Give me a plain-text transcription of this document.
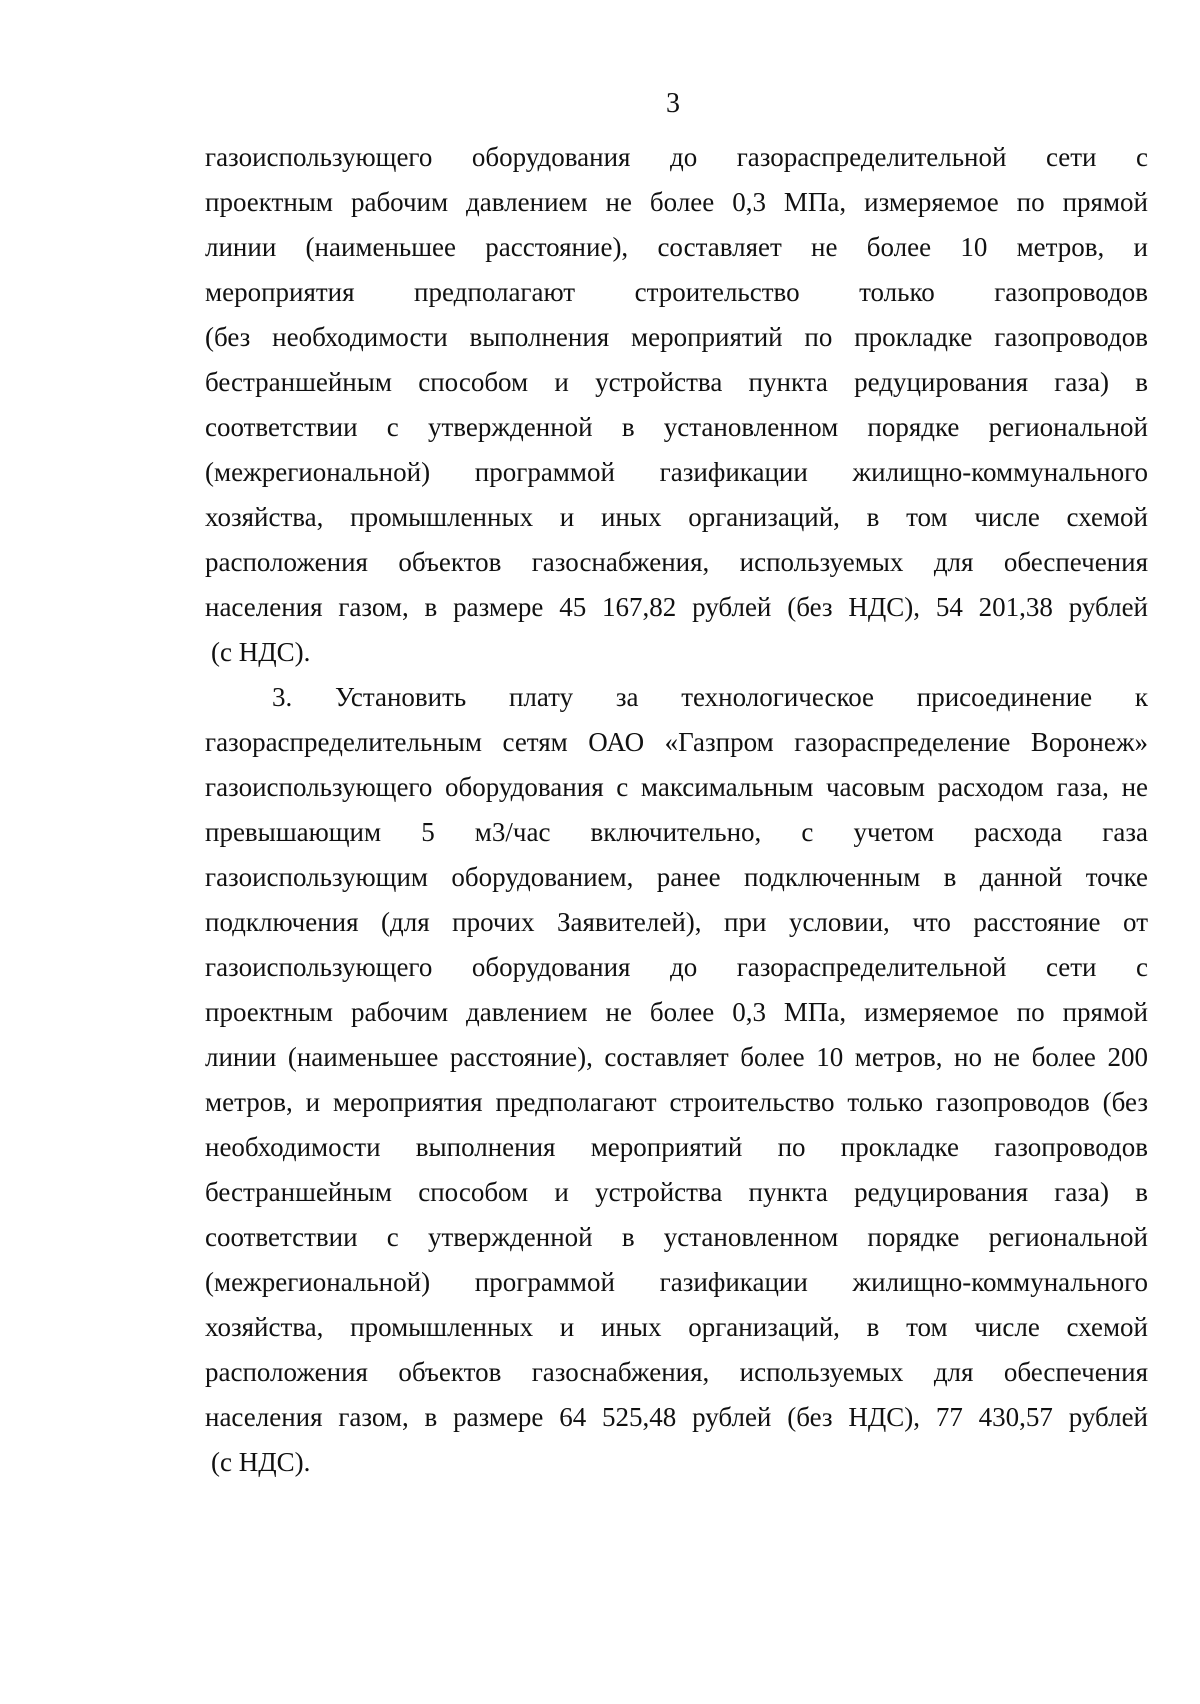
3
газоиспользующего оборудования до газораспределительной сети с
проектным рабочим давлением не более 0,3 МПа, измеряемое по прямой
линии (наименьшее расстояние), составляет не более 10 метров, и
мероприятия предполагают строительство только газопроводов
(без необходимости выполнения мероприятий по прокладке газопроводов
бестраншейным способом и устройства пункта редуцирования газа) в
соответствии с утвержденной в установленном порядке региональной
(межрегиональной) программой газификации жилищно-коммунального
хозяйства, промышленных и иных организаций, в том числе схемой
расположения объектов газоснабжения, используемых для обеспечения
населения газом, в размере 45 167,82 рублей (без НДС), 54 201,38 рублей
(с НДС).
3. Установить плату за технологическое присоединение к
газораспределительным сетям ОАО «Газпром газораспределение Воронеж»
газоиспользующего оборудования с максимальным часовым расходом газа, не
превышающим 5 м3/час включительно, с учетом расхода газа
газоиспользующим оборудованием, ранее подключенным в данной точке
подключения (для прочих Заявителей), при условии, что расстояние от
газоиспользующего оборудования до газораспределительной сети с
проектным рабочим давлением не более 0,3 МПа, измеряемое по прямой
линии (наименьшее расстояние), составляет более 10 метров, но не более 200
метров, и мероприятия предполагают строительство только газопроводов (без
необходимости выполнения мероприятий по прокладке газопроводов
бестраншейным способом и устройства пункта редуцирования газа) в
соответствии с утвержденной в установленном порядке региональной
(межрегиональной) программой газификации жилищно-коммунального
хозяйства, промышленных и иных организаций, в том числе схемой
расположения объектов газоснабжения, используемых для обеспечения
населения газом, в размере 64 525,48 рублей (без НДС), 77 430,57 рублей
(с НДС).
